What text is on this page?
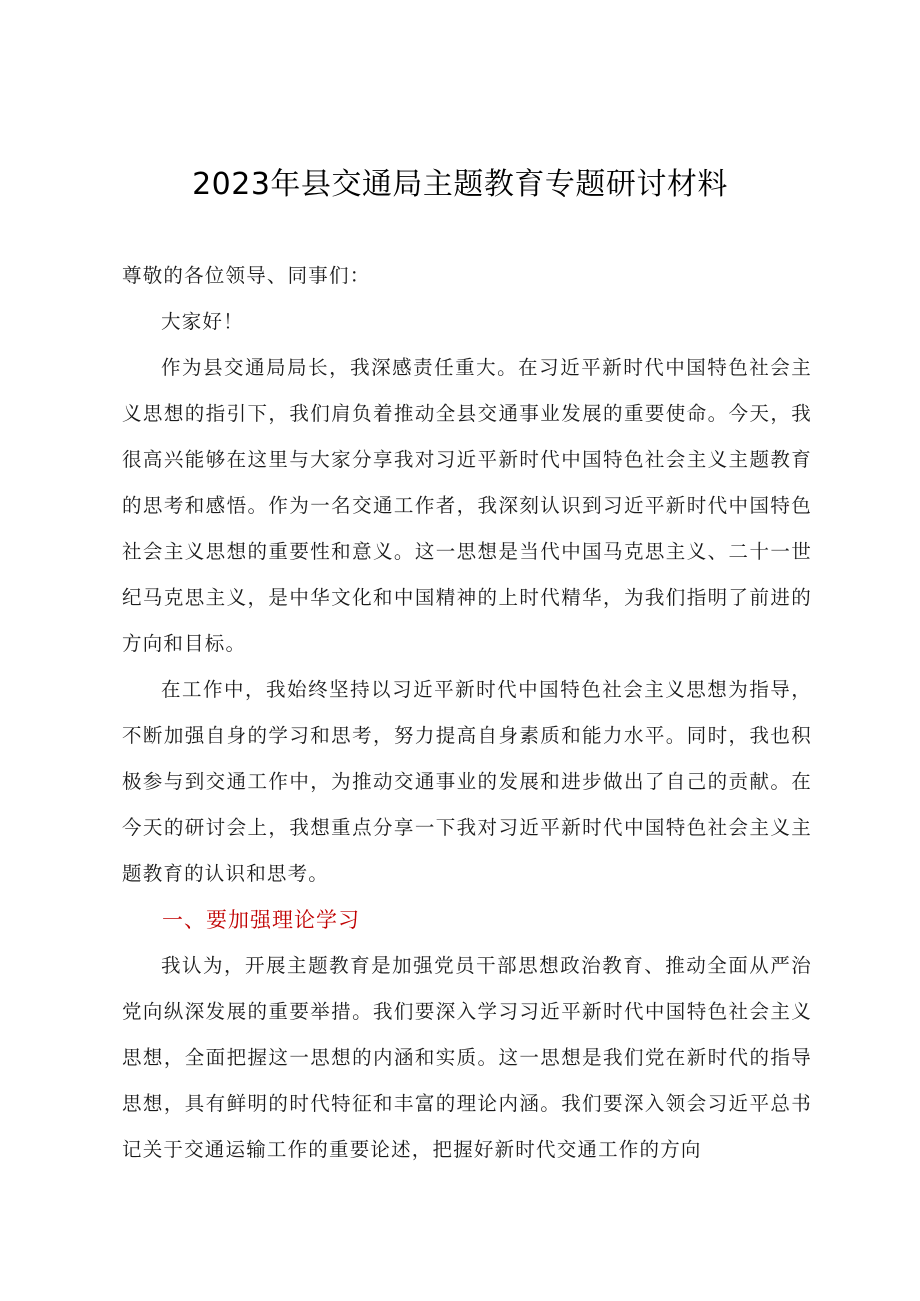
2023年县交通局主题教育专题研讨材料

尊敬的各位领导、同事们：

大家好！

作为县交通局局长，我深感责任重大。在习近平新时代中国特色社会主义思想的指引下，我们肩负着推动全县交通事业发展的重要使命。今天，我很高兴能够在这里与大家分享我对习近平新时代中国特色社会主义主题教育的思考和感悟。作为一名交通工作者，我深刻认识到习近平新时代中国特色社会主义思想的重要性和意义。这一思想是当代中国马克思主义、二十一世纪马克思主义，是中华文化和中国精神的上时代精华，为我们指明了前进的方向和目标。

在工作中，我始终坚持以习近平新时代中国特色社会主义思想为指导，不断加强自身的学习和思考，努力提高自身素质和能力水平。同时，我也积极参与到交通工作中，为推动交通事业的发展和进步做出了自己的贡献。在今天的研讨会上，我想重点分享一下我对习近平新时代中国特色社会主义主题教育的认识和思考。

一、要加强理论学习

我认为，开展主题教育是加强党员干部思想政治教育、推动全面从严治党向纵深发展的重要举措。我们要深入学习习近平新时代中国特色社会主义思想，全面把握这一思想的内涵和实质。这一思想是我们党在新时代的指导思想，具有鲜明的时代特征和丰富的理论内涵。我们要深入领会习近平总书记关于交通运输工作的重要论述，把握好新时代交通工作的方向
